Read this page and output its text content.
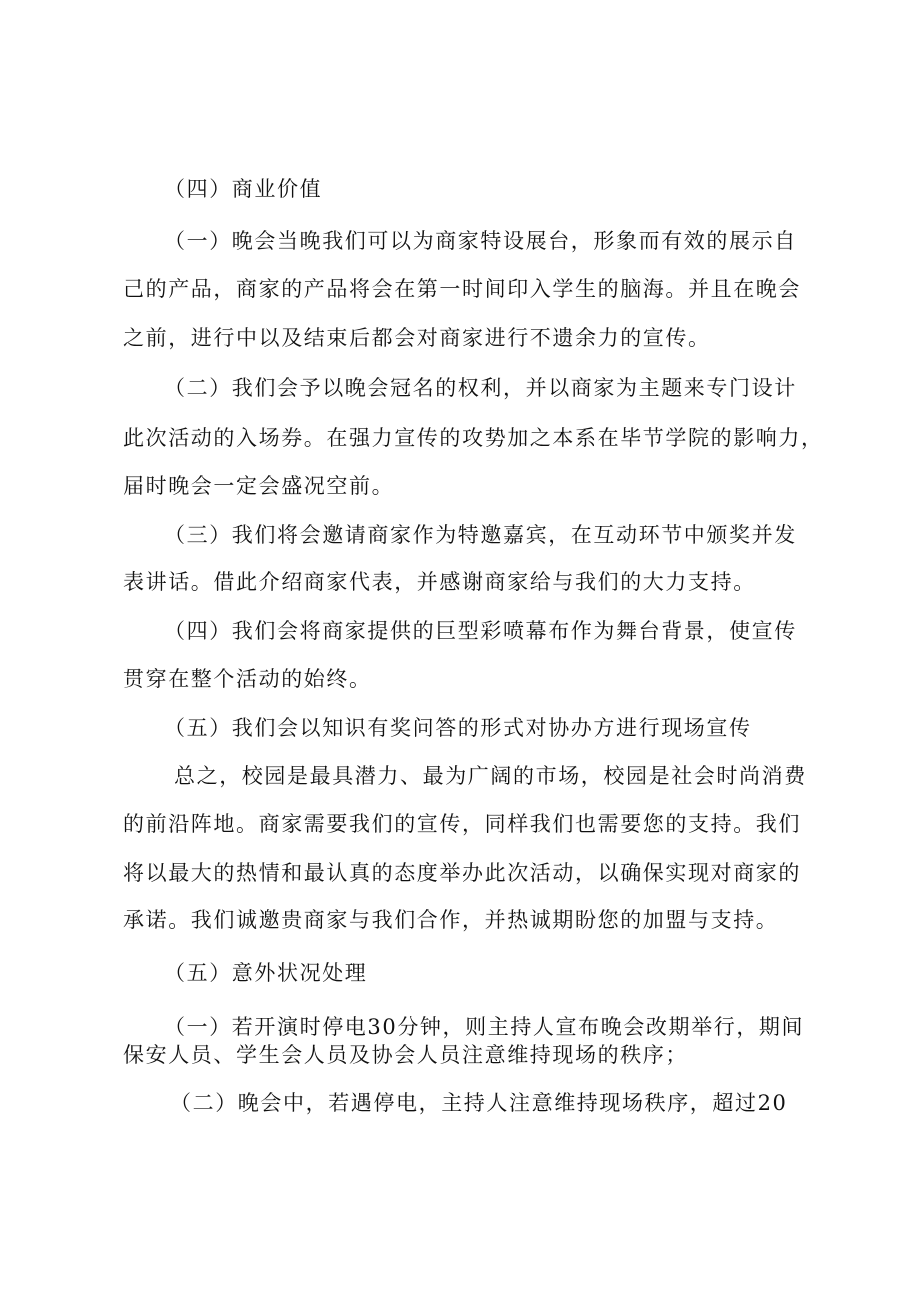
（四）商业价值
（一）晚会当晚我们可以为商家特设展台，形象而有效的展示自
己的产品，商家的产品将会在第一时间印入学生的脑海。并且在晚会
之前，进行中以及结束后都会对商家进行不遗余力的宣传。
（二）我们会予以晚会冠名的权利，并以商家为主题来专门设计
此次活动的入场券。在强力宣传的攻势加之本系在毕节学院的影响力，
届时晚会一定会盛况空前。
（三）我们将会邀请商家作为特邀嘉宾，在互动环节中颁奖并发
表讲话。借此介绍商家代表，并感谢商家给与我们的大力支持。
（四）我们会将商家提供的巨型彩喷幕布作为舞台背景，使宣传
贯穿在整个活动的始终。
（五）我们会以知识有奖问答的形式对协办方进行现场宣传
总之，校园是最具潜力、最为广阔的市场，校园是社会时尚消费
的前沿阵地。商家需要我们的宣传，同样我们也需要您的支持。我们
将以最大的热情和最认真的态度举办此次活动，以确保实现对商家的
承诺。我们诚邀贵商家与我们合作，并热诚期盼您的加盟与支持。
（五）意外状况处理
（一）若开演时停电30分钟，则主持人宣布晚会改期举行，期间
保安人员、学生会人员及协会人员注意维持现场的秩序；
（二）晚会中，若遇停电，主持人注意维持现场秩序，超过20
